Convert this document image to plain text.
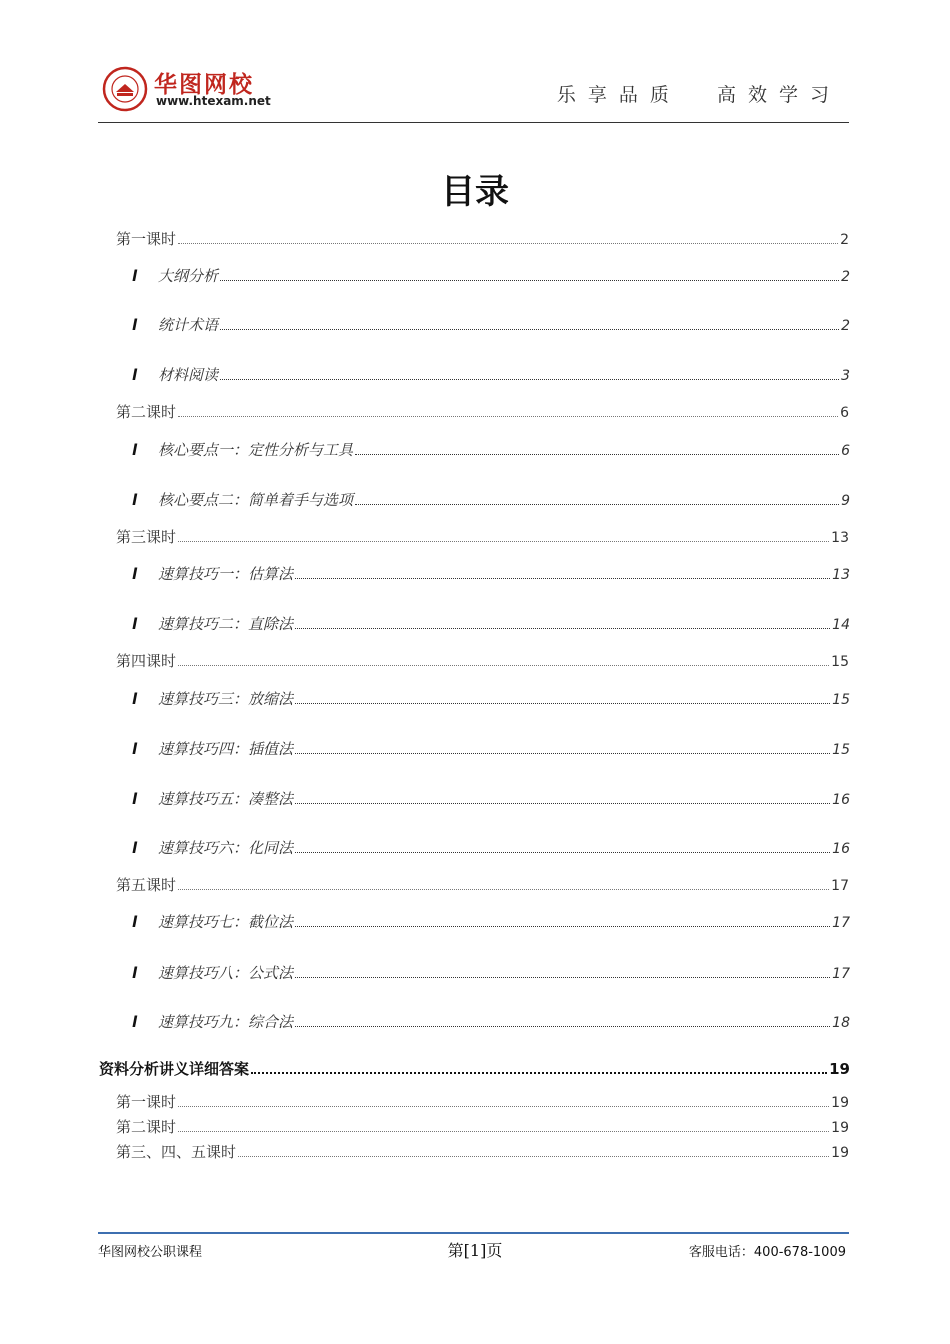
华图网校
www.htexam.net	乐享品质  高效学习
目录
第一课时	2
l	大纲分析	2
l	统计术语	2
l	材料阅读	3
第二课时	6
l	核心要点一：定性分析与工具	6
l	核心要点二：简单着手与选项	9
第三课时	13
l	速算技巧一：估算法	13
l	速算技巧二：直除法	14
第四课时	15
l	速算技巧三：放缩法	15
l	速算技巧四：插值法	15
l	速算技巧五：凑整法	16
l	速算技巧六：化同法	16
第五课时	17
l	速算技巧七：截位法	17
l	速算技巧八：公式法	17
l	速算技巧九：综合法	18
资料分析讲义详细答案	19
第一课时	19
第二课时	19
第三、四、五课时	19
华图网校公职课程	第[1]页	客服电话：400-678-1009
